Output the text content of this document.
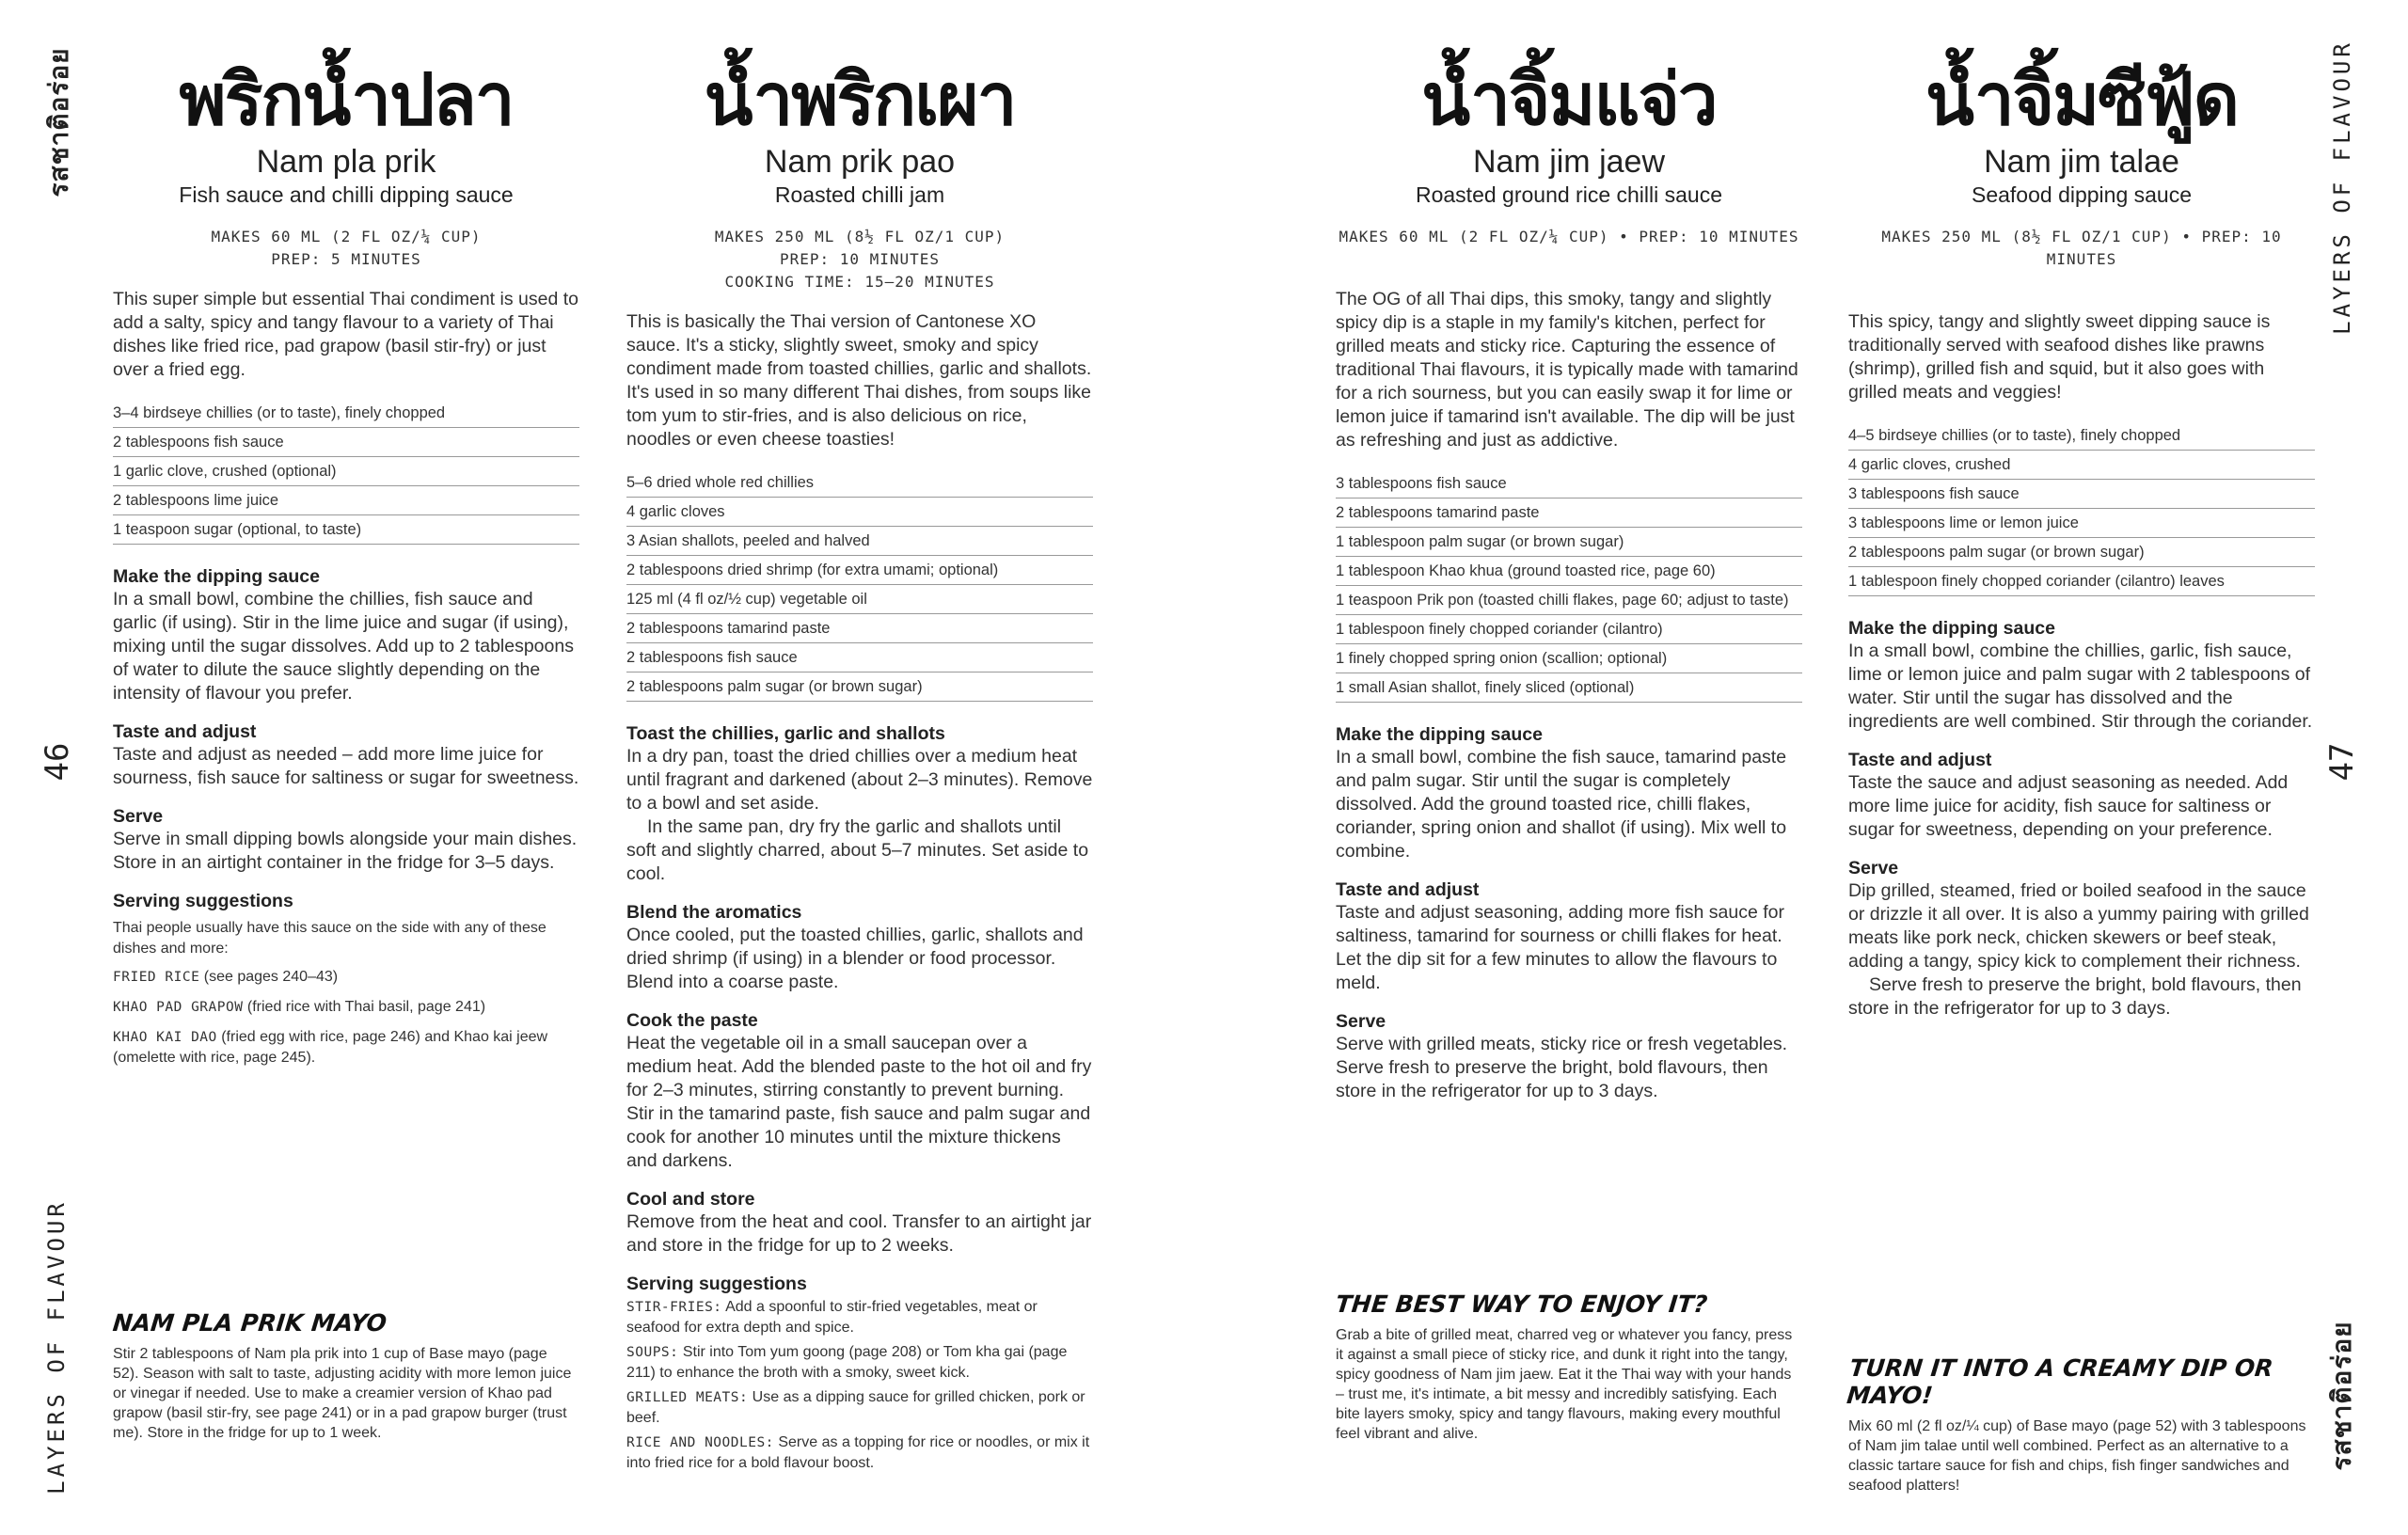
รสชาติอร่อย
46
LAYERS OF FLAVOUR
พริกน้ำปลา
Nam pla prik
Fish sauce and chilli dipping sauce
MAKES 60 ML (2 FL OZ/¼ CUP)
PREP: 5 MINUTES
This super simple but essential Thai condiment is used to add a salty, spicy and tangy flavour to a variety of Thai dishes like fried rice, pad grapow (basil stir-fry) or just over a fried egg.
3–4 birdseye chillies (or to taste), finely chopped
2 tablespoons fish sauce
1 garlic clove, crushed (optional)
2 tablespoons lime juice
1 teaspoon sugar (optional, to taste)
Make the dipping sauce
In a small bowl, combine the chillies, fish sauce and garlic (if using). Stir in the lime juice and sugar (if using), mixing until the sugar dissolves. Add up to 2 tablespoons of water to dilute the sauce slightly depending on the intensity of flavour you prefer.
Taste and adjust
Taste and adjust as needed – add more lime juice for sourness, fish sauce for saltiness or sugar for sweetness.
Serve
Serve in small dipping bowls alongside your main dishes. Store in an airtight container in the fridge for 3–5 days.
Serving suggestions
Thai people usually have this sauce on the side with any of these dishes and more:
FRIED RICE (see pages 240–43)
KHAO PAD GRAPOW (fried rice with Thai basil, page 241)
KHAO KAI DAO (fried egg with rice, page 246) and Khao kai jeew (omelette with rice, page 245).
NAM PLA PRIK MAYO
Stir 2 tablespoons of Nam pla prik into 1 cup of Base mayo (page 52). Season with salt to taste, adjusting acidity with more lemon juice or vinegar if needed. Use to make a creamier version of Khao pad grapow (basil stir-fry, see page 241) or in a pad grapow burger (trust me). Store in the fridge for up to 1 week.
น้ำพริกเผา
Nam prik pao
Roasted chilli jam
MAKES 250 ML (8½ FL OZ/1 CUP)
PREP: 10 MINUTES
COOKING TIME: 15–20 MINUTES
This is basically the Thai version of Cantonese XO sauce. It's a sticky, slightly sweet, smoky and spicy condiment made from toasted chillies, garlic and shallots. It's used in so many different Thai dishes, from soups like tom yum to stir-fries, and is also delicious on rice, noodles or even cheese toasties!
5–6 dried whole red chillies
4 garlic cloves
3 Asian shallots, peeled and halved
2 tablespoons dried shrimp (for extra umami; optional)
125 ml (4 fl oz/½ cup) vegetable oil
2 tablespoons tamarind paste
2 tablespoons fish sauce
2 tablespoons palm sugar (or brown sugar)
Toast the chillies, garlic and shallots
In a dry pan, toast the dried chillies over a medium heat until fragrant and darkened (about 2–3 minutes). Remove to a bowl and set aside.
In the same pan, dry fry the garlic and shallots until soft and slightly charred, about 5–7 minutes. Set aside to cool.
Blend the aromatics
Once cooled, put the toasted chillies, garlic, shallots and dried shrimp (if using) in a blender or food processor. Blend into a coarse paste.
Cook the paste
Heat the vegetable oil in a small saucepan over a medium heat. Add the blended paste to the hot oil and fry for 2–3 minutes, stirring constantly to prevent burning. Stir in the tamarind paste, fish sauce and palm sugar and cook for another 10 minutes until the mixture thickens and darkens.
Cool and store
Remove from the heat and cool. Transfer to an airtight jar and store in the fridge for up to 2 weeks.
Serving suggestions
STIR-FRIES: Add a spoonful to stir-fried vegetables, meat or seafood for extra depth and spice.
SOUPS: Stir into Tom yum goong (page 208) or Tom kha gai (page 211) to enhance the broth with a smoky, sweet kick.
GRILLED MEATS: Use as a dipping sauce for grilled chicken, pork or beef.
RICE AND NOODLES: Serve as a topping for rice or noodles, or mix it into fried rice for a bold flavour boost.
น้ำจิ้มแจ่ว
Nam jim jaew
Roasted ground rice chilli sauce
MAKES 60 ML (2 FL OZ/¼ CUP) • PREP: 10 MINUTES
The OG of all Thai dips, this smoky, tangy and slightly spicy dip is a staple in my family's kitchen, perfect for grilled meats and sticky rice. Capturing the essence of traditional Thai flavours, it is typically made with tamarind for a rich sourness, but you can easily swap it for lime or lemon juice if tamarind isn't available. The dip will be just as refreshing and just as addictive.
3 tablespoons fish sauce
2 tablespoons tamarind paste
1 tablespoon palm sugar (or brown sugar)
1 tablespoon Khao khua (ground toasted rice, page 60)
1 teaspoon Prik pon (toasted chilli flakes, page 60; adjust to taste)
1 tablespoon finely chopped coriander (cilantro)
1 finely chopped spring onion (scallion; optional)
1 small Asian shallot, finely sliced (optional)
Make the dipping sauce
In a small bowl, combine the fish sauce, tamarind paste and palm sugar. Stir until the sugar is completely dissolved. Add the ground toasted rice, chilli flakes, coriander, spring onion and shallot (if using). Mix well to combine.
Taste and adjust
Taste and adjust seasoning, adding more fish sauce for saltiness, tamarind for sourness or chilli flakes for heat. Let the dip sit for a few minutes to allow the flavours to meld.
Serve
Serve with grilled meats, sticky rice or fresh vegetables. Serve fresh to preserve the bright, bold flavours, then store in the refrigerator for up to 3 days.
THE BEST WAY TO ENJOY IT?
Grab a bite of grilled meat, charred veg or whatever you fancy, press it against a small piece of sticky rice, and dunk it right into the tangy, spicy goodness of Nam jim jaew. Eat it the Thai way with your hands – trust me, it's intimate, a bit messy and incredibly satisfying. Each bite layers smoky, spicy and tangy flavours, making every mouthful feel vibrant and alive.
น้ำจิ้มซีฟู้ด
Nam jim talae
Seafood dipping sauce
MAKES 250 ML (8½ FL OZ/1 CUP) • PREP: 10 MINUTES
This spicy, tangy and slightly sweet dipping sauce is traditionally served with seafood dishes like prawns (shrimp), grilled fish and squid, but it also goes with grilled meats and veggies!
4–5 birdseye chillies (or to taste), finely chopped
4 garlic cloves, crushed
3 tablespoons fish sauce
3 tablespoons lime or lemon juice
2 tablespoons palm sugar (or brown sugar)
1 tablespoon finely chopped coriander (cilantro) leaves
Make the dipping sauce
In a small bowl, combine the chillies, garlic, fish sauce, lime or lemon juice and palm sugar with 2 tablespoons of water. Stir until the sugar has dissolved and the ingredients are well combined. Stir through the coriander.
Taste and adjust
Taste the sauce and adjust seasoning as needed. Add more lime juice for acidity, fish sauce for saltiness or sugar for sweetness, depending on your preference.
Serve
Dip grilled, steamed, fried or boiled seafood in the sauce or drizzle it all over. It is also a yummy pairing with grilled meats like pork neck, chicken skewers or beef steak, adding a tangy, spicy kick to complement their richness.
Serve fresh to preserve the bright, bold flavours, then store in the refrigerator for up to 3 days.
TURN IT INTO A CREAMY DIP OR MAYO!
Mix 60 ml (2 fl oz/¼ cup) of Base mayo (page 52) with 3 tablespoons of Nam jim talae until well combined. Perfect as an alternative to a classic tartare sauce for fish and chips, fish finger sandwiches and seafood platters!
LAYERS OF FLAVOUR
47
รสชาติอร่อย
